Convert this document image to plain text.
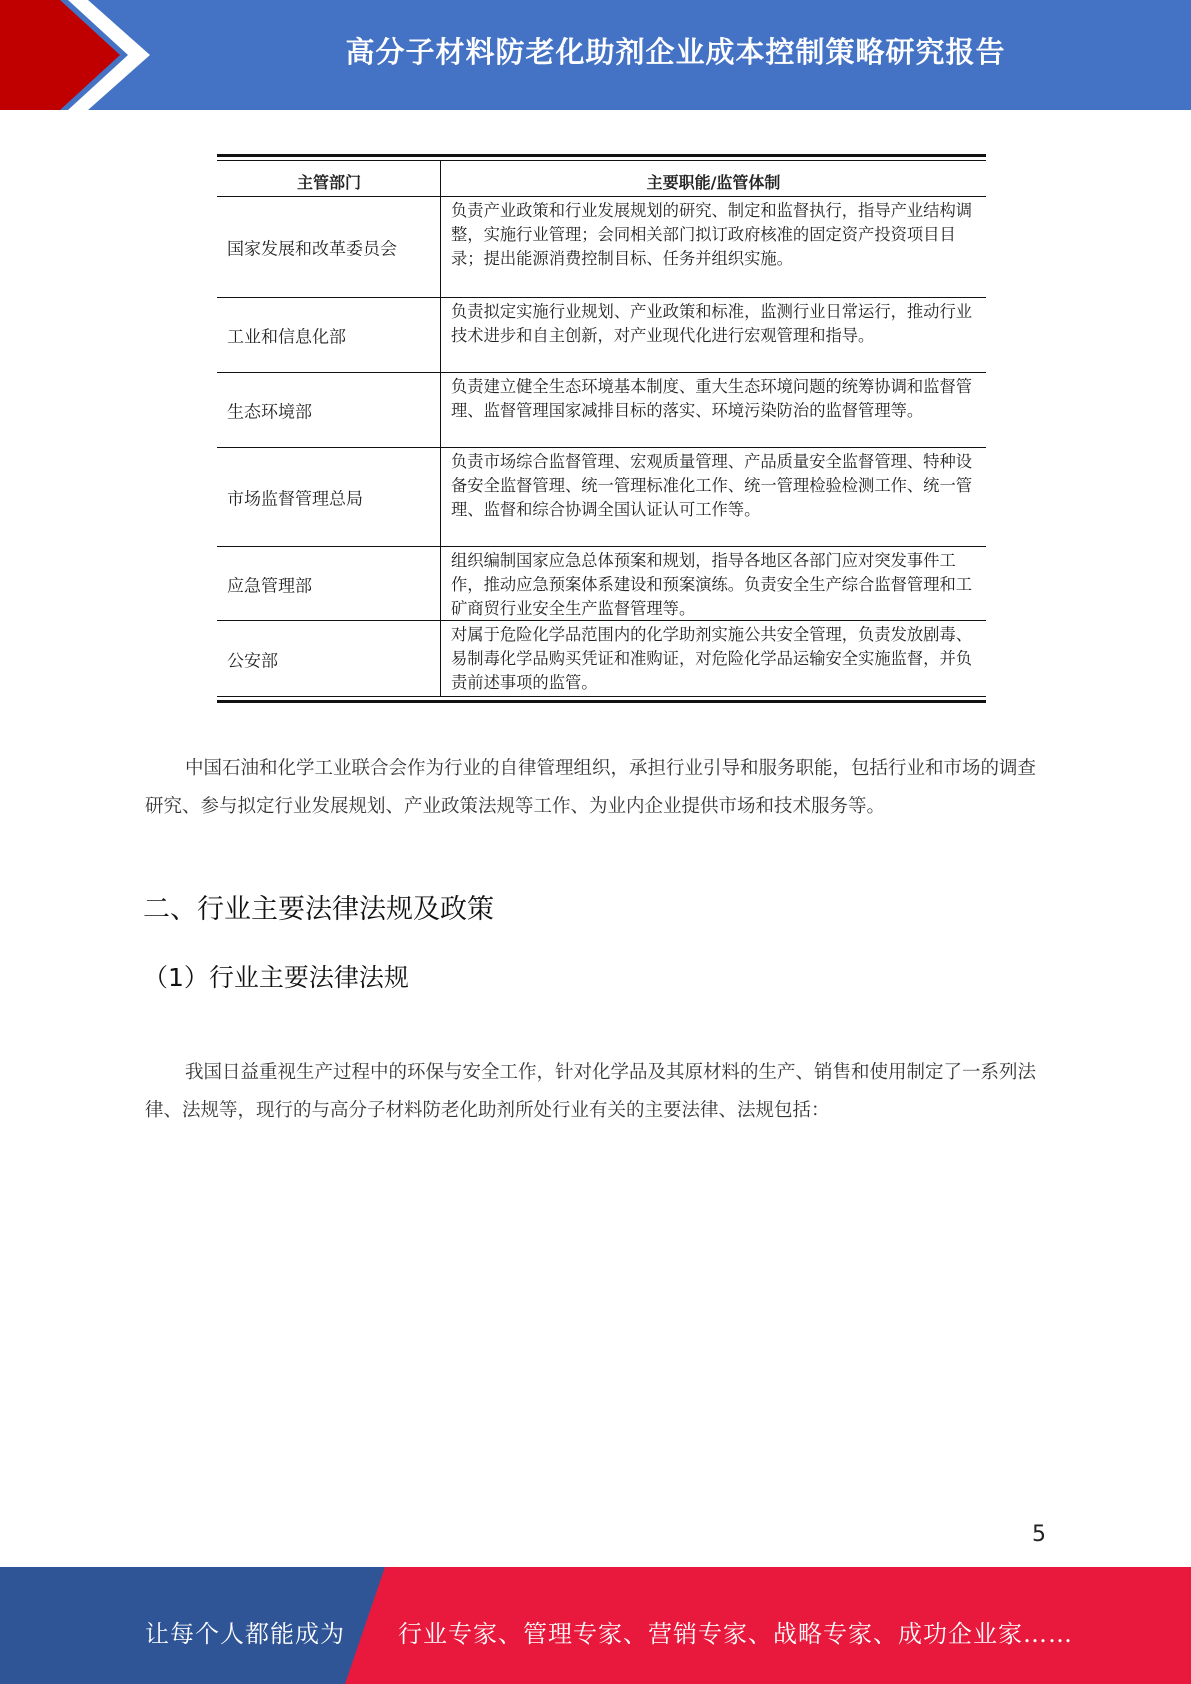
高分子材料防老化助剂企业成本控制策略研究报告
主管部门	主要职能/监管体制
国家发展和改革委员会
负责产业政策和行业发展规划的研究、制定和监督执行，指导产业结构调整，实施行业管理；会同相关部门拟订政府核准的固定资产投资项目目录；提出能源消费控制目标、任务并组织实施。
工业和信息化部
负责拟定实施行业规划、产业政策和标准，监测行业日常运行，推动行业技术进步和自主创新，对产业现代化进行宏观管理和指导。
生态环境部
负责建立健全生态环境基本制度、重大生态环境问题的统筹协调和监督管理、监督管理国家减排目标的落实、环境污染防治的监督管理等。
市场监督管理总局
负责市场综合监督管理、宏观质量管理、产品质量安全监督管理、特种设备安全监督管理、统一管理标准化工作、统一管理检验检测工作、统一管理、监督和综合协调全国认证认可工作等。
应急管理部
组织编制国家应急总体预案和规划，指导各地区各部门应对突发事件工作，推动应急预案体系建设和预案演练。负责安全生产综合监督管理和工矿商贸行业安全生产监督管理等。
公安部
对属于危险化学品范围内的化学助剂实施公共安全管理，负责发放剧毒、易制毒化学品购买凭证和准购证，对危险化学品运输安全实施监督，并负责前述事项的监管。
中国石油和化学工业联合会作为行业的自律管理组织，承担行业引导和服务职能，包括行业和市场的调查研究、参与拟定行业发展规划、产业政策法规等工作、为业内企业提供市场和技术服务等。
二、行业主要法律法规及政策
（1）行业主要法律法规
我国日益重视生产过程中的环保与安全工作，针对化学品及其原材料的生产、销售和使用制定了一系列法律、法规等，现行的与高分子材料防老化助剂所处行业有关的主要法律、法规包括：
5
让每个人都能成为 行业专家、管理专家、营销专家、战略专家、成功企业家……
